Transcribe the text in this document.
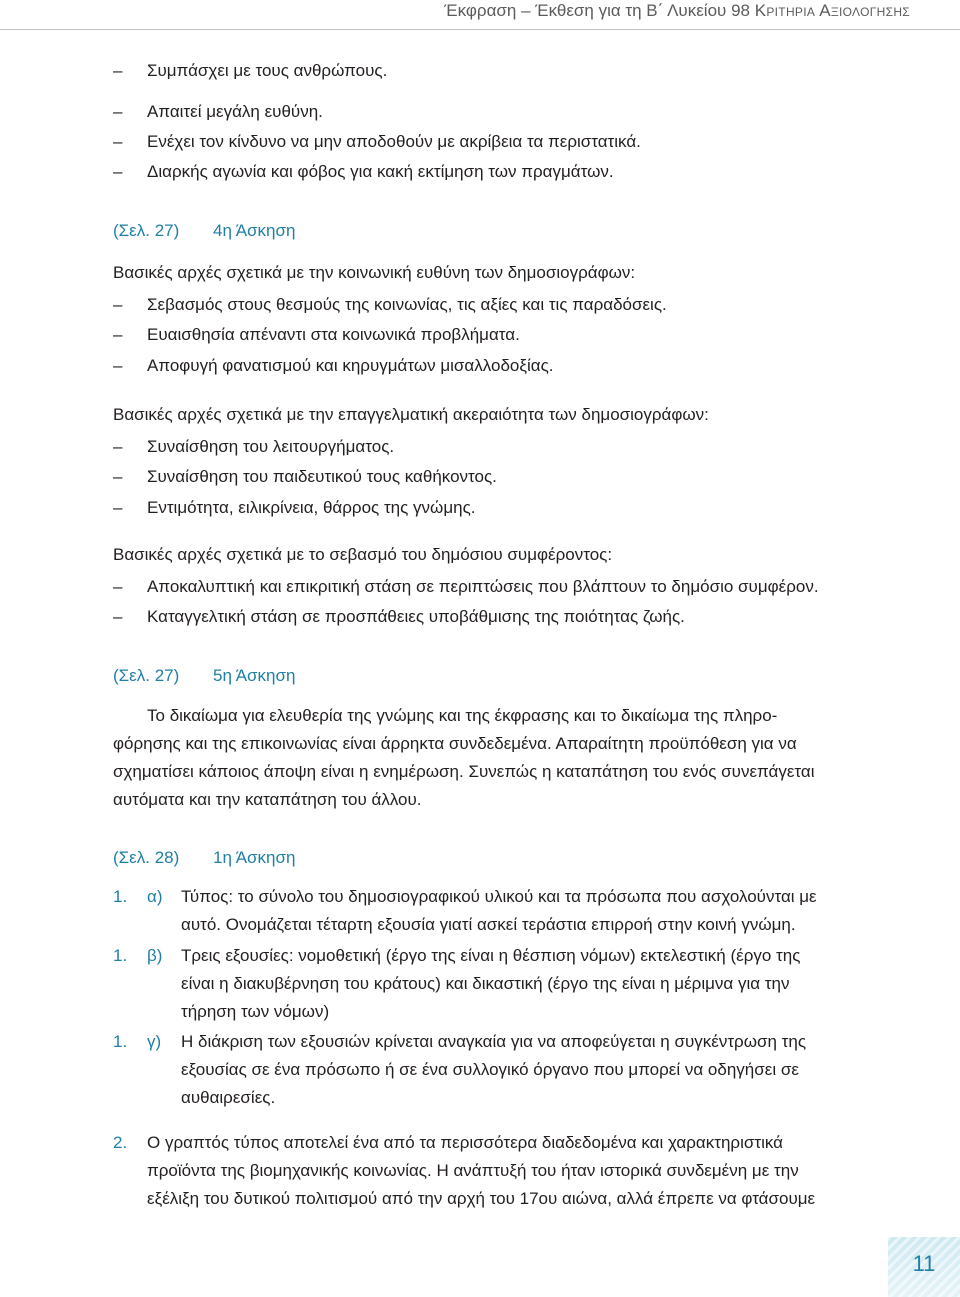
Έκφραση – Έκθεση για τη Β΄ Λυκείου 98 Κριτηρια Αξιολογησης
– Συμπάσχει με τους ανθρώπους.
– Απαιτεί μεγάλη ευθύνη.
– Ενέχει τον κίνδυνο να μην αποδοθούν με ακρίβεια τα περιστατικά.
– Διαρκής αγωνία και φόβος για κακή εκτίμηση των πραγμάτων.
(Σελ. 27) 4η Άσκηση
Βασικές αρχές σχετικά με την κοινωνική ευθύνη των δημοσιογράφων:
– Σεβασμός στους θεσμούς της κοινωνίας, τις αξίες και τις παραδόσεις.
– Ευαισθησία απέναντι στα κοινωνικά προβλήματα.
– Αποφυγή φανατισμού και κηρυγμάτων μισαλλοδοξίας.
Βασικές αρχές σχετικά με την επαγγελματική ακεραιότητα των δημοσιογράφων:
– Συναίσθηση του λειτουργήματος.
– Συναίσθηση του παιδευτικού τους καθήκοντος.
– Εντιμότητα, ειλικρίνεια, θάρρος της γνώμης.
Βασικές αρχές σχετικά με το σεβασμό του δημόσιου συμφέροντος:
– Αποκαλυπτική και επικριτική στάση σε περιπτώσεις που βλάπτουν το δημόσιο συμφέρον.
– Καταγγελτική στάση σε προσπάθειες υποβάθμισης της ποιότητας ζωής.
(Σελ. 27) 5η Άσκηση
Το δικαίωμα για ελευθερία της γνώμης και της έκφρασης και το δικαίωμα της πληρο-
φόρησης και της επικοινωνίας είναι άρρηκτα συνδεδεμένα. Απαραίτητη προϋπόθεση για να
σχηματίσει κάποιος άποψη είναι η ενημέρωση. Συνεπώς η καταπάτηση του ενός συνεπάγεται
αυτόματα και την καταπάτηση του άλλου.
(Σελ. 28) 1η Άσκηση
1. α) Τύπος: το σύνολο του δημοσιογραφικού υλικού και τα πρόσωπα που ασχολούνται με
αυτό. Ονομάζεται τέταρτη εξουσία γιατί ασκεί τεράστια επιρροή στην κοινή γνώμη.
1. β) Τρεις εξουσίες: νομοθετική (έργο της είναι η θέσπιση νόμων) εκτελεστική (έργο της
είναι η διακυβέρνηση του κράτους) και δικαστική (έργο της είναι η μέριμνα για την
τήρηση των νόμων)
1. γ) Η διάκριση των εξουσιών κρίνεται αναγκαία για να αποφεύγεται η συγκέντρωση της
εξουσίας σε ένα πρόσωπο ή σε ένα συλλογικό όργανο που μπορεί να οδηγήσει σε
αυθαιρεσίες.
2. Ο γραπτός τύπος αποτελεί ένα από τα περισσότερα διαδεδομένα και χαρακτηριστικά
προϊόντα της βιομηχανικής κοινωνίας. Η ανάπτυξή του ήταν ιστορικά συνδεμένη με την
εξέλιξη του δυτικού πολιτισμού από την αρχή του 17ου αιώνα, αλλά έπρεπε να φτάσουμε
11
